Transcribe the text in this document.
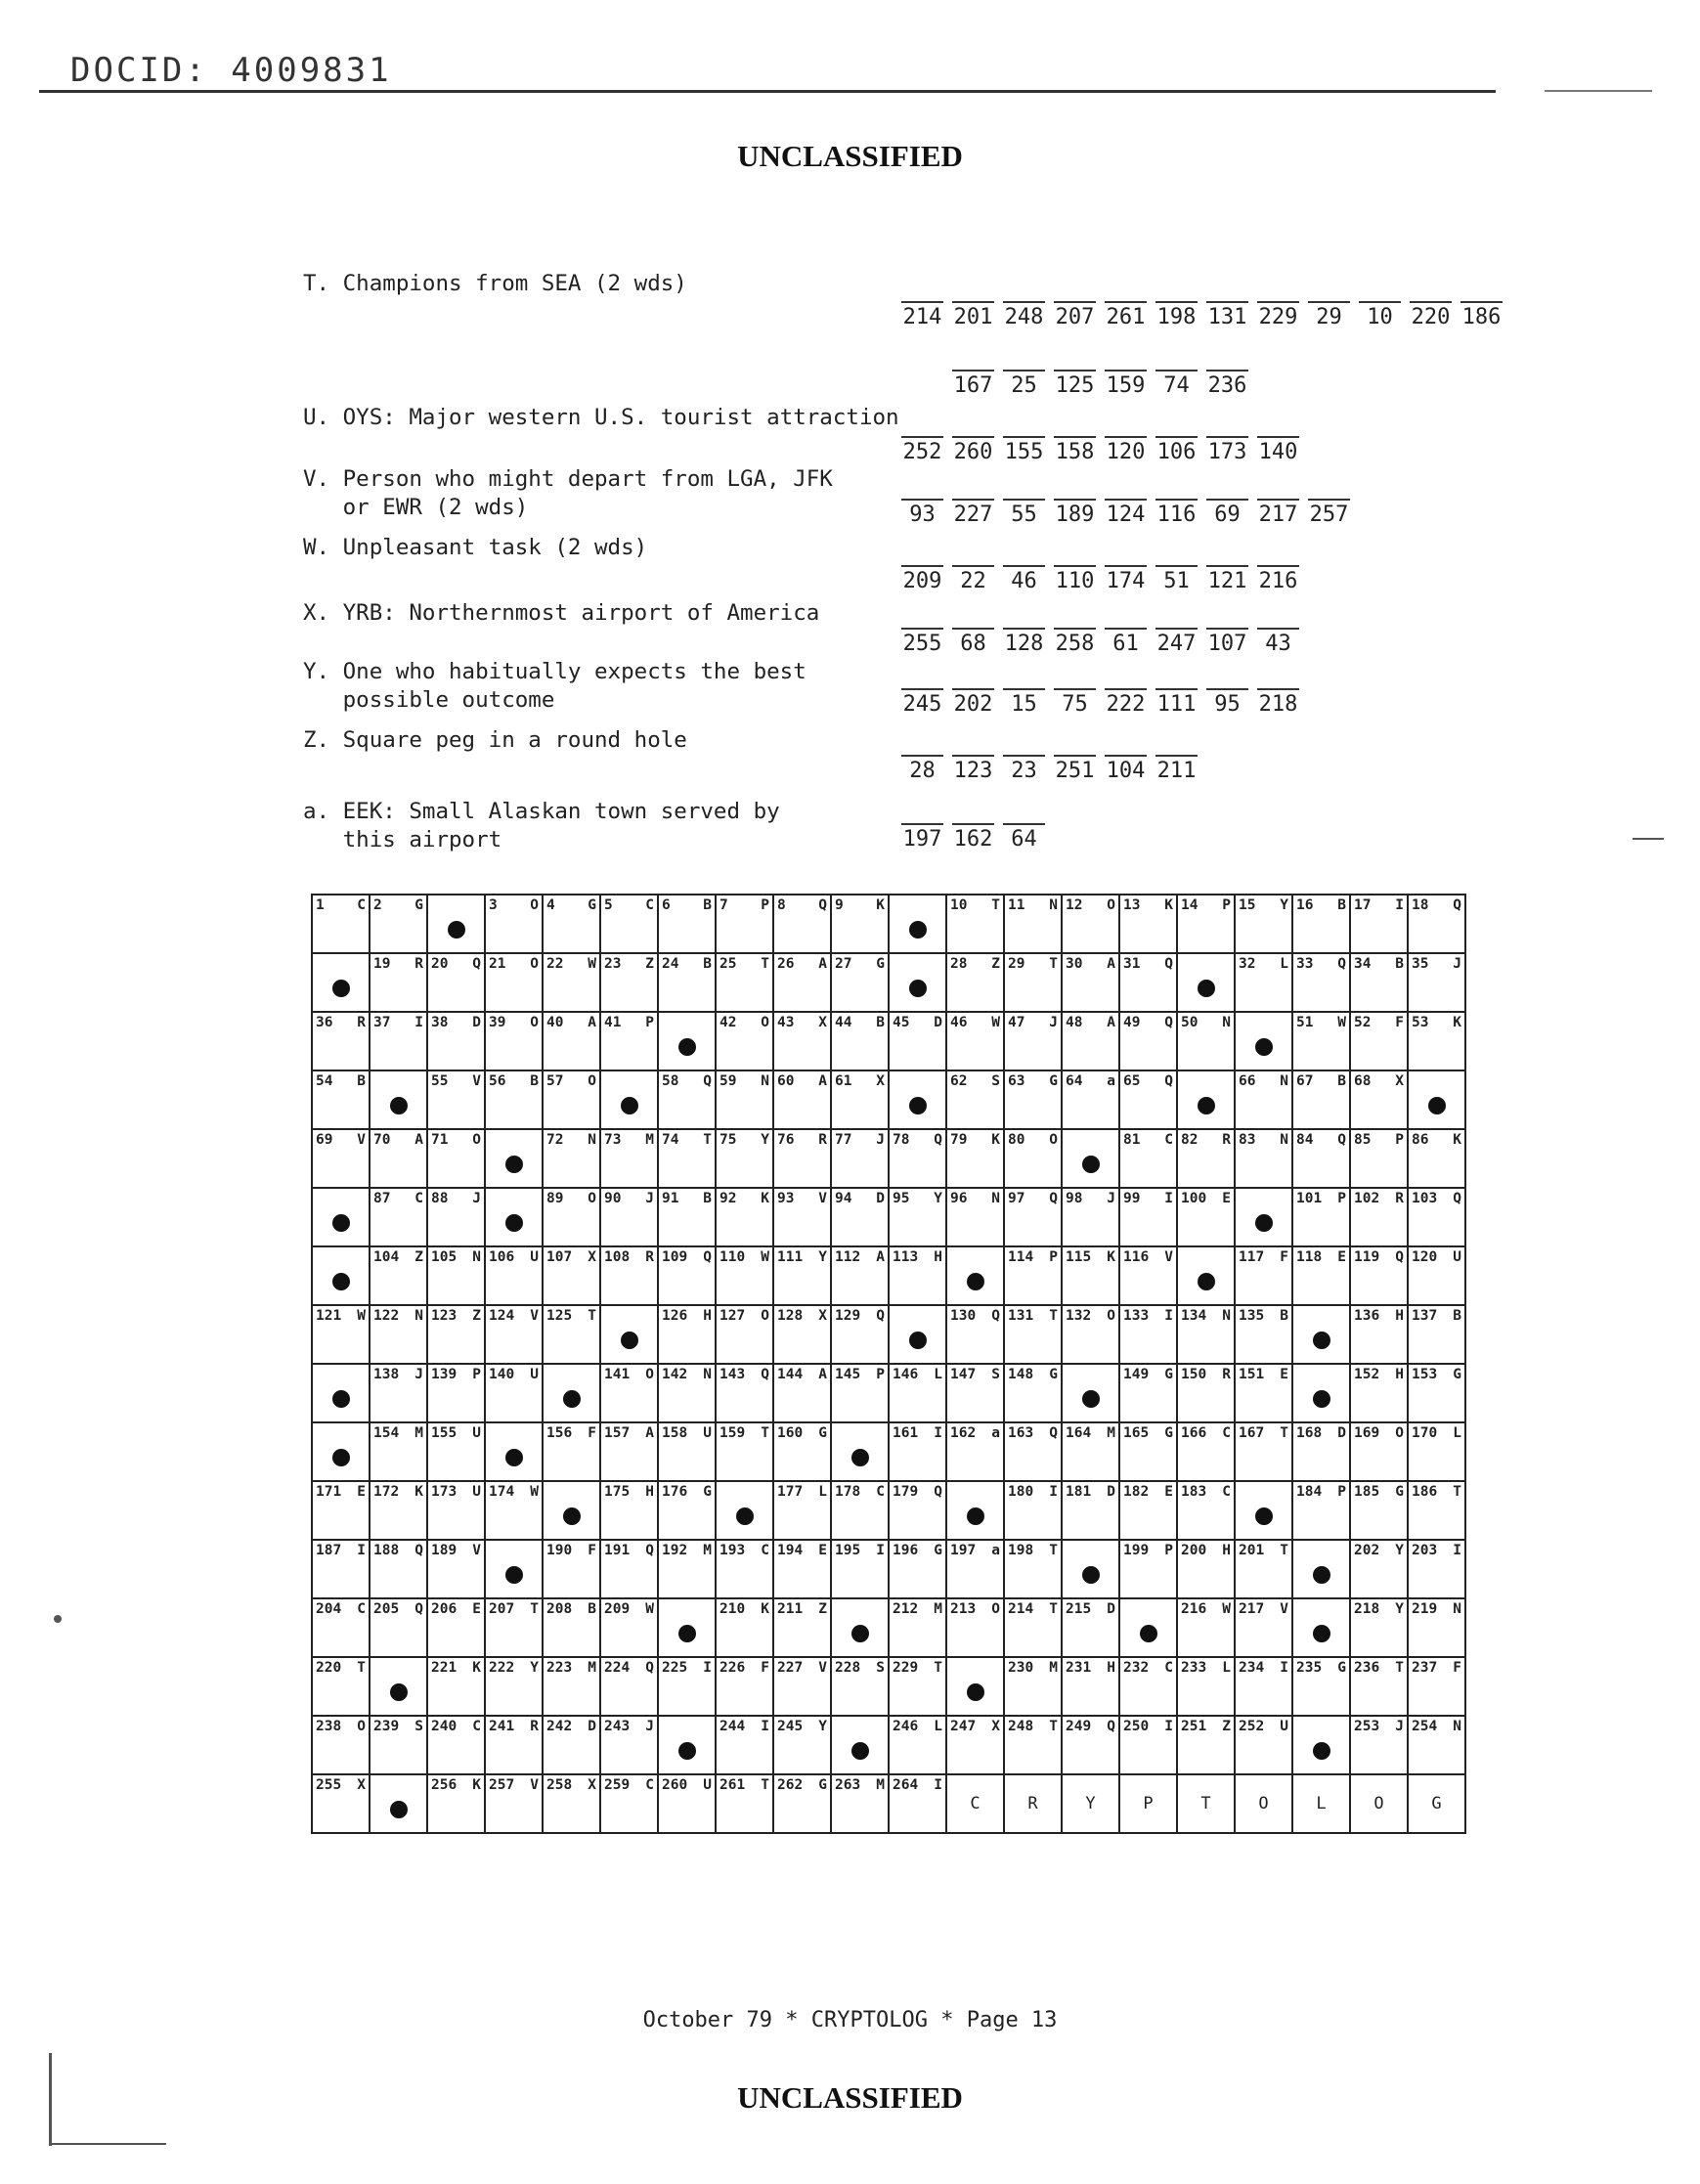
DOCID: 4009831
UNCLASSIFIED
T. Champions from SEA (2 wds)
214 201 248 207 261 198 131 229 29 10 220 186
167 25 125 159 74 236
U. OYS: Major western U.S. tourist attraction
252 260 155 158 120 106 173 140
V. Person who might depart from LGA, JFK
or EWR (2 wds)	93 227 55 189 124 116 69 217 257
W. Unpleasant task (2 wds)
209 22 46 110 174 51 121 216
X. YRB: Northernmost airport of America
255 68 128 258 61 247 107 43
Y. One who habitually expects the best
possible outcome	245 202 15 75 222 111 95 218
Z. Square peg in a round hole
28 123 23 251 104 211
a. EEK: Small Alaskan town served by
this airport	197 162 64
1 C	2 G		3 O	4 G	5 C	6 B	7 P	8 Q	9 K		10 T	11 N	12 O	13 K	14 P	15 Y	16 B	17 I	18 Q

	19 R	20 Q	21 O	22 W	23 Z	24 B	25 T	26 A	27 G		28 Z	29 T	30 A	31 Q		32 L	33 Q	34 B	35 J

36 R	37 I	38 D	39 O	40 A	41 P		42 O	43 X	44 B	45 D	46 W	47 J	48 A	49 Q	50 N		51 W	52 F	53 K

54 B		55 V	56 B	57 O		58 Q	59 N	60 A	61 X		62 S	63 G	64 a	65 Q		66 N	67 B	68 X	

69 V	70 A	71 O		72 N	73 M	74 T	75 Y	76 R	77 J	78 Q	79 K	80 O		81 C	82 R	83 N	84 Q	85 P	86 K

	87 C	88 J		89 O	90 J	91 B	92 K	93 V	94 D	95 Y	96 N	97 Q	98 J	99 I	100 E		101 P	102 R	103 Q

	104 Z	105 N	106 U	107 X	108 R	109 Q	110 W	111 Y	112 A	113 H		114 P	115 K	116 V		117 F	118 E	119 Q	120 U

121 W	122 N	123 Z	124 V	125 T		126 H	127 O	128 X	129 Q		130 Q	131 T	132 O	133 I	134 N	135 B		136 H	137 B

	138 J	139 P	140 U		141 O	142 N	143 Q	144 A	145 P	146 L	147 S	148 G		149 G	150 R	151 E		152 H	153 G

	154 M	155 U		156 F	157 A	158 U	159 T	160 G		161 I	162 a	163 Q	164 M	165 G	166 C	167 T	168 D	169 O	170 L

171 E	172 K	173 U	174 W		175 H	176 G		177 L	178 C	179 Q		180 I	181 D	182 E	183 C		184 P	185 G	186 T

187 I	188 Q	189 V		190 F	191 Q	192 M	193 C	194 E	195 I	196 G	197 a	198 T		199 P	200 H	201 T		202 Y	203 I

204 C	205 Q	206 E	207 T	208 B	209 W		210 K	211 Z		212 M	213 O	214 T	215 D		216 W	217 V		218 Y	219 N

220 T		221 K	222 Y	223 M	224 Q	225 I	226 F	227 V	228 S	229 T		230 M	231 H	232 C	233 L	234 I	235 G	236 T	237 F

238 O	239 S	240 C	241 R	242 D	243 J		244 I	245 Y		246 L	247 X	248 T	249 Q	250 I	251 Z	252 U		253 J	254 N

255 X		256 K	257 V	258 X	259 C	260 U	261 T	262 G	263 M	264 I	C	R	Y	P	T	O	L	O	G
October 79 * CRYPTOLOG * Page 13
UNCLASSIFIED
